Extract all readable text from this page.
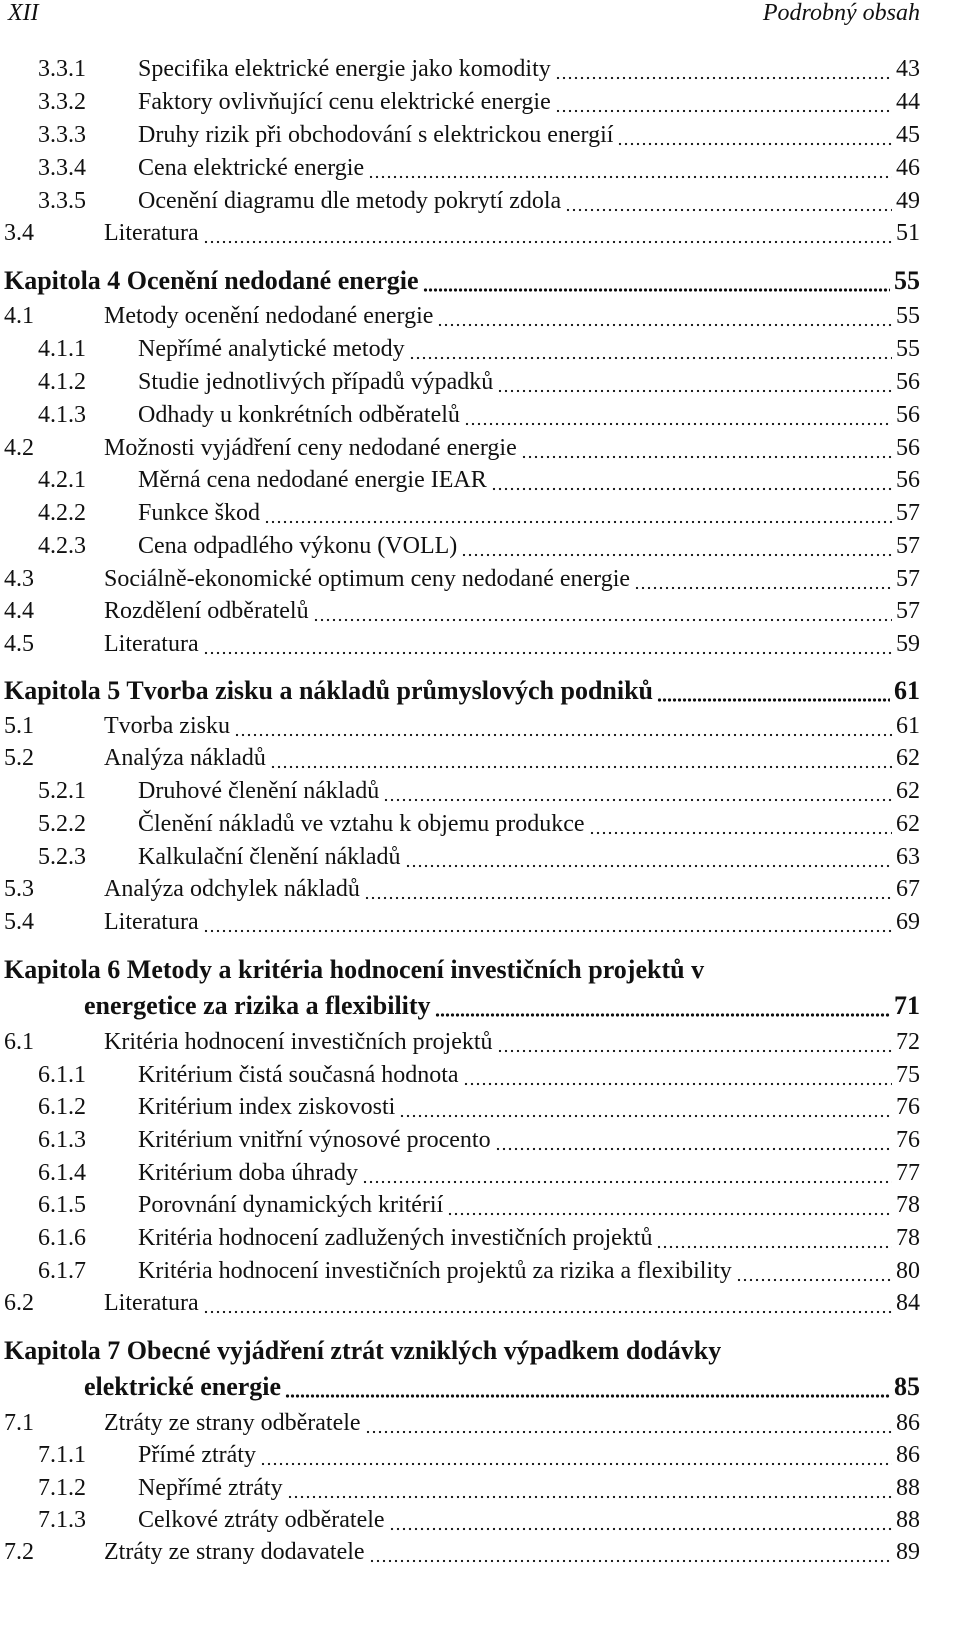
XII	Podrobný obsah
3.3.1 Specifika elektrické energie jako komodity	43
3.3.2 Faktory ovlivňující cenu elektrické energie	44
3.3.3 Druhy rizik při obchodování s elektrickou energií	45
3.3.4 Cena elektrické energie	46
3.3.5 Ocenění diagramu dle metody pokrytí zdola	49
3.4	Literatura	51
Kapitola 4 Ocenění nedodané energie	55
4.1	Metody ocenění nedodané energie	55
4.1.1 Nepřímé analytické metody	55
4.1.2 Studie jednotlivých případů výpadků	56
4.1.3 Odhady u konkrétních odběratelů	56
4.2	Možnosti vyjádření ceny nedodané energie	56
4.2.1 Měrná cena nedodané energie IEAR	56
4.2.2 Funkce škod	57
4.2.3 Cena odpadlého výkonu (VOLL)	57
4.3	Sociálně-ekonomické optimum ceny nedodané energie	57
4.4	Rozdělení odběratelů	57
4.5	Literatura	59
Kapitola 5 Tvorba zisku a nákladů průmyslových podniků	61
5.1	Tvorba zisku	61
5.2	Analýza nákladů	62
5.2.1 Druhové členění nákladů	62
5.2.2 Členění nákladů ve vztahu k objemu produkce	62
5.2.3 Kalkulační členění nákladů	63
5.3	Analýza odchylek nákladů	67
5.4	Literatura	69
Kapitola 6 Metody a kritéria hodnocení investičních projektů v
energetice za rizika a flexibility	71
6.1	Kritéria hodnocení investičních projektů	72
6.1.1 Kritérium čistá současná hodnota	75
6.1.2 Kritérium index ziskovosti	76
6.1.3 Kritérium vnitřní výnosové procento	76
6.1.4 Kritérium doba úhrady	77
6.1.5 Porovnání dynamických kritérií	78
6.1.6 Kritéria hodnocení zadlužených investičních projektů	78
6.1.7 Kritéria hodnocení investičních projektů za rizika a flexibility	80
6.2	Literatura	84
Kapitola 7 Obecné vyjádření ztrát vzniklých výpadkem dodávky
elektrické energie	85
7.1	Ztráty ze strany odběratele	86
7.1.1 Přímé ztráty	86
7.1.2 Nepřímé ztráty	88
7.1.3 Celkové ztráty odběratele	88
7.2	Ztráty ze strany dodavatele	89
